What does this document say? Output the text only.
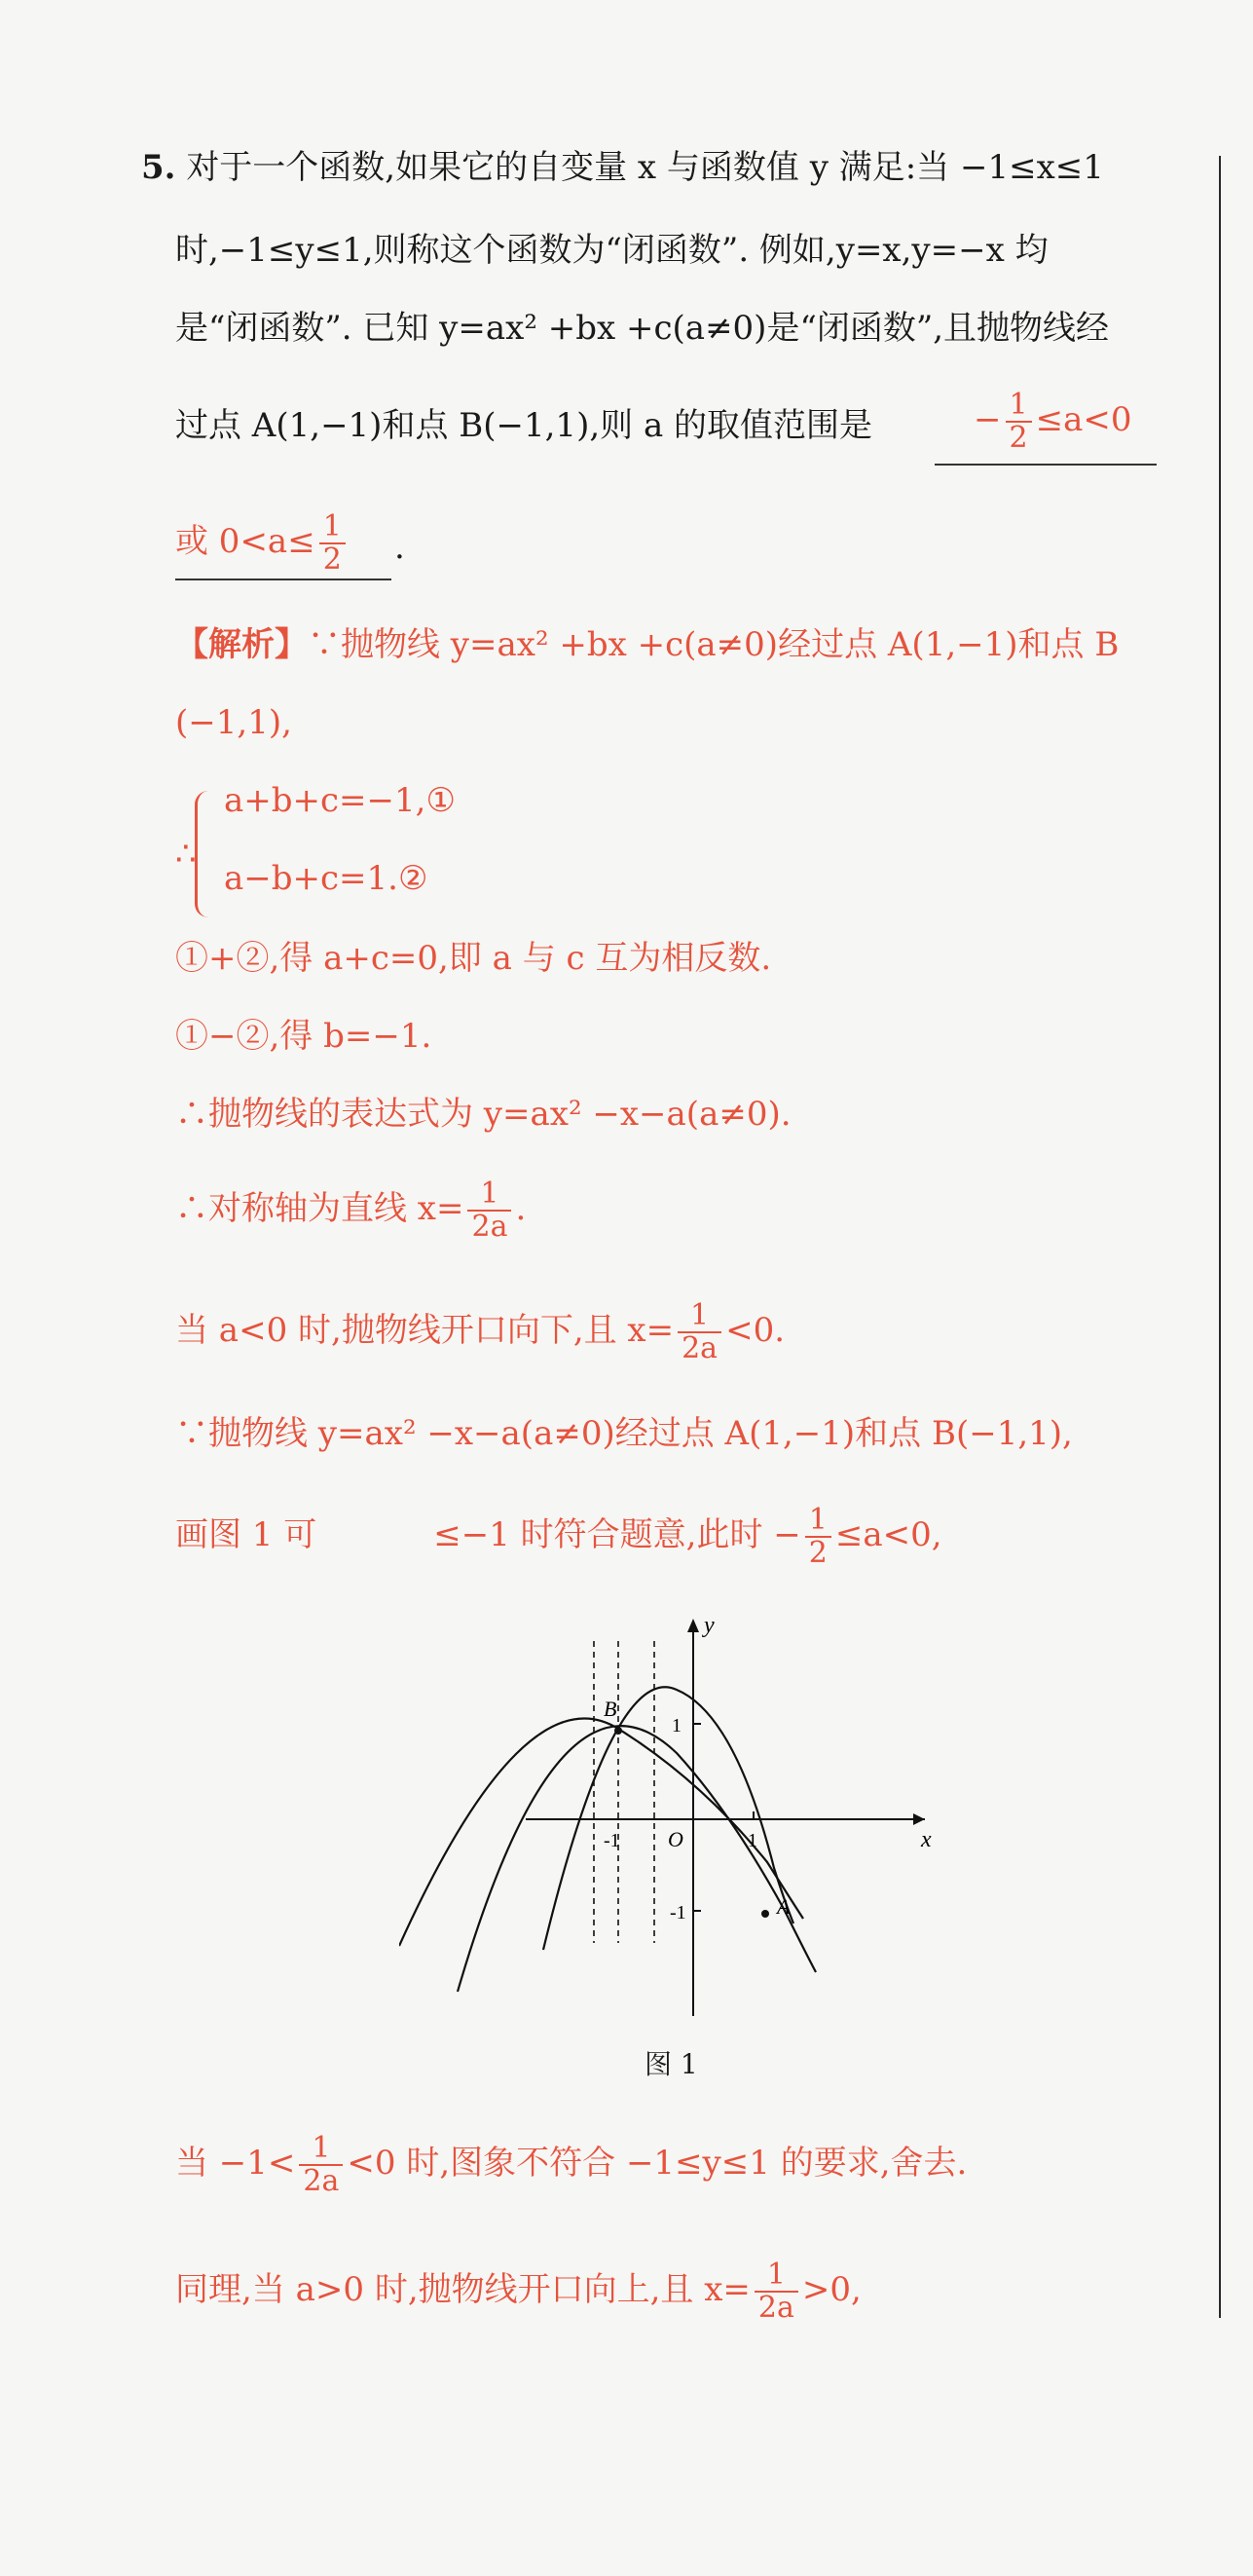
5. 对于一个函数,如果它的自变量 x 与函数值 y 满足:当 −1≤x≤1
时,−1≤y≤1,则称这个函数为“闭函数”. 例如,y=x,y=−x 均
是“闭函数”. 已知 y=ax² +bx +c(a≠0)是“闭函数”,且抛物线经
过点 A(1,−1)和点 B(−1,1),则 a 的取值范围是	− $\frac{1}{2} \le a<0$
或 $0<a\le \frac{1}{2}$ .
【解析】∵抛物线 y=ax² +bx +c(a≠0)经过点 A(1,−1)和点 B
(−1,1),
∴
a+b+c=−1,①
a−b+c=1.②
①+②,得 a+c=0,即 a 与 c 互为相反数.
①−②,得 b=−1.
∴抛物线的表达式为 y=ax² −x−a(a≠0).
∴对称轴为直线 $x= \frac{1}{2a}$ .
当 a<0 时,抛物线开口向下,且 $x= \frac{1}{2a} <0$.
∵抛物线 y=ax² −x−a(a≠0)经过点 A(1,−1)和点 B(−1,1),
画图 1 可	≤−1 时符合题意,此时 − $\frac{1}{2} \le a<0$,
y
x
O	1
-1
1
-1
B
A
图 1
当 $-1< \frac{1}{2a} <0$ 时,图象不符合 −1≤y≤1 的要求,舍去.
同理,当 a>0 时,抛物线开口向上,且 $x= \frac{1}{2a} >0$,
